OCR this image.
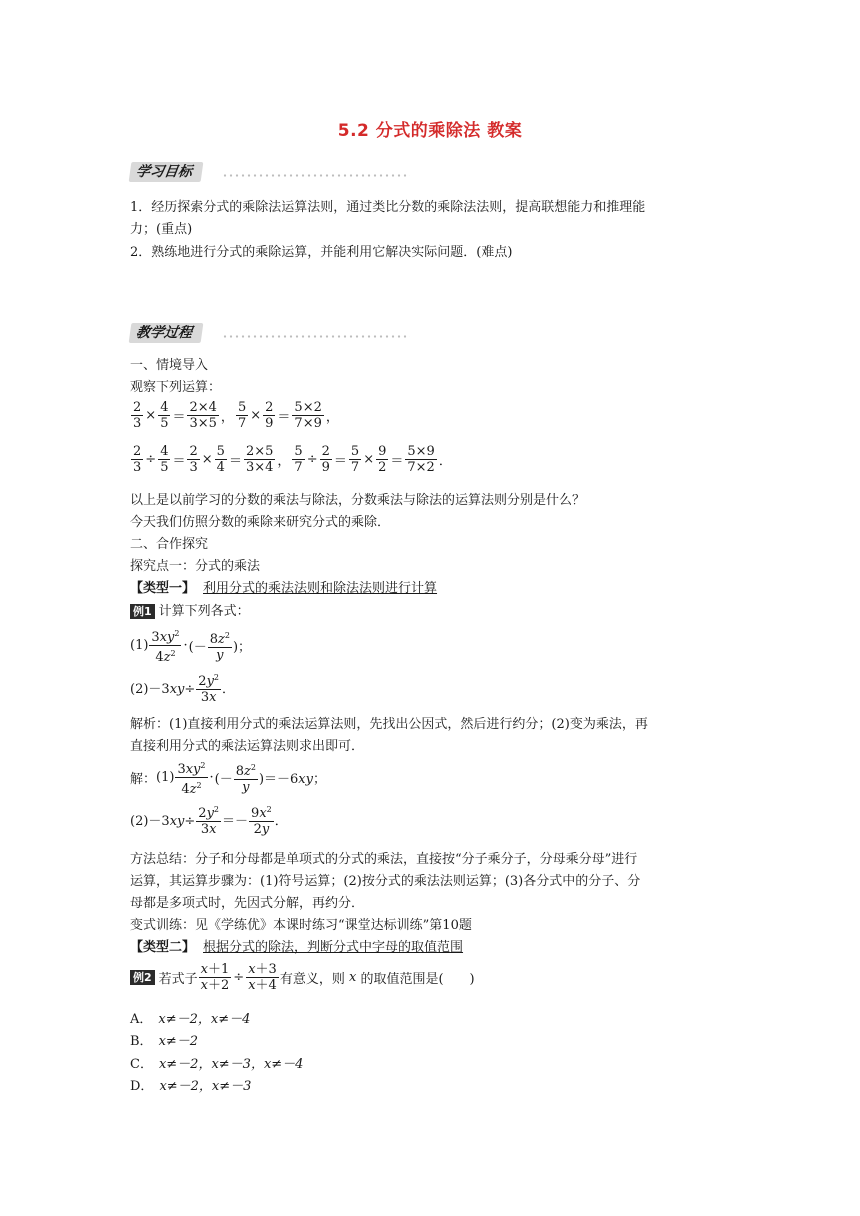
5.2 分式的乘除法 教案
学习目标
1．经历探索分式的乘除法运算法则，通过类比分数的乘除法法则，提高联想能力和推理能
力；(重点)
2．熟练地进行分式的乘除运算，并能利用它解决实际问题．(难点)
教学过程
一、情境导入
观察下列运算：
$\frac{2}{3} \times \frac{4}{5} = \frac{2\times 4}{3\times 5}$ ， $\frac{5}{7} \times \frac{2}{9} = \frac{5\times 2}{7\times 9}$ ，
$\frac{2}{3} \div \frac{4}{5} = \frac{2}{3} \times \frac{5}{4} = \frac{2\times 5}{3\times 4}$ ， $\frac{5}{7} \div \frac{2}{9} = \frac{5}{7} \times \frac{9}{2} = \frac{5\times 9}{7\times 2}$ ．
以上是以前学习的分数的乘法与除法，分数乘法与除法的运算法则分别是什么？
今天我们仿照分数的乘除来研究分式的乘除．
二、合作探究
探究点一：分式的乘法
【类型一】 利用分式的乘法法则和除法法则进行计算
例1 计算下列各式：
$(1) \frac{3xy^2}{4z^2}$ · (－ $\frac{8z^2}{y}$ )；
$(2)-3xy\div \frac{2y^2}{3x}$ ．
解析：(1)直接利用分式的乘法运算法则，先找出公因式，然后进行约分；(2)变为乘法，再
直接利用分式的乘法运算法则求出即可．
解： $(1) \frac{3xy^2}{4z^2}$ · (－ $\frac{8z^2}{y} )=-6xy$；
$(2)-3xy\div \frac{2y^2}{3x} =- \frac{9x^2}{2y}$ ．
方法总结：分子和分母都是单项式的分式的乘法，直接按“分子乘分子，分母乘分母”进行
运算，其运算步骤为：(1)符号运算；(2)按分式的乘法法则运算；(3)各分式中的分子、分
母都是多项式时，先因式分解，再约分．
变式训练：见《学练优》本课时练习“课堂达标训练”第10题
【类型二】 根据分式的除法，判断分式中字母的取值范围
例2 若式子 $\frac{x+1}{x+2} \div \frac{x+3}{x+4}$ 有意义，则 x 的取值范围是(　　)
A． x≠－2，x≠－4
B． x≠－2
C． x≠－2，x≠－3，x≠－4
D． x≠－2，x≠－3
